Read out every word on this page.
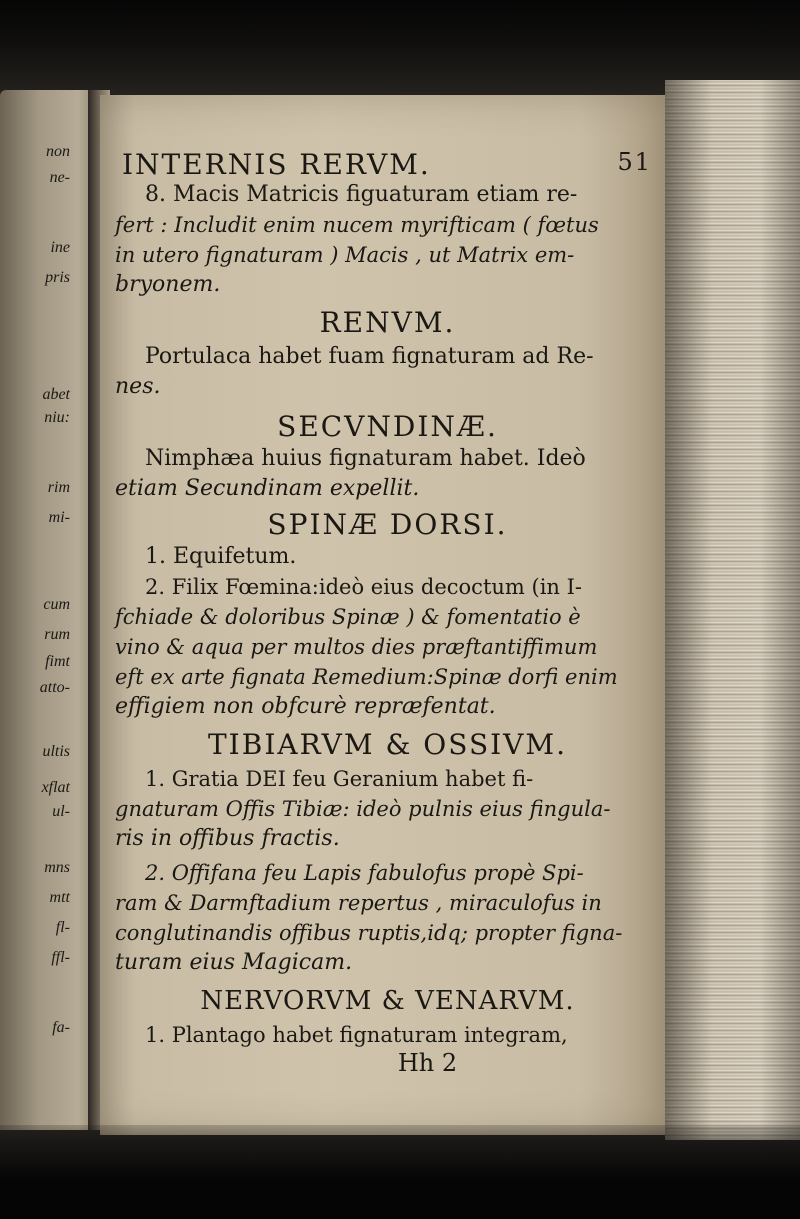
non
ne-
ine
pris
abet
niu:
rim
mi-
cum
rum
fimt
atto-
ultis
xflat
ul-
mns
mtt
fl-
ffl-
fa-
INTERNIS RERVM.	51
8. Macis Matricis figuaturam etiam re-
fert : Includit enim nucem myrifticam ( fœtus
in utero fignaturam ) Macis , ut Matrix em-
bryonem.
RENVM.
Portulaca habet fuam fignaturam ad Re-
nes.
SECVNDINÆ.
Nimphæa huius fignaturam habet. Ideò
etiam Secundinam expellit.
SPINÆ DORSI.
1. Equifetum.
2. Filix Fœmina:ideò eius decoctum (in I-
fchiade & doloribus Spinæ ) & fomentatio è
vino & aqua per multos dies præftantiffimum
eft ex arte fignata Remedium:Spinæ dorfi enim
effigiem non obfcurè repræfentat.
TIBIARVM & OSSIVM.
1. Gratia DEI feu Geranium habet fi-
gnaturam Offis Tibiæ: ideò pulnis eius fingula-
ris in offibus fractis.
2. Offifana feu Lapis fabulofus propè Spi-
ram & Darmftadium repertus , miraculofus in
conglutinandis offibus ruptis,idq; propter figna-
turam eius Magicam.
NERVORVM & VENARVM.
1. Plantago habet fignaturam integram,
Hh 2
